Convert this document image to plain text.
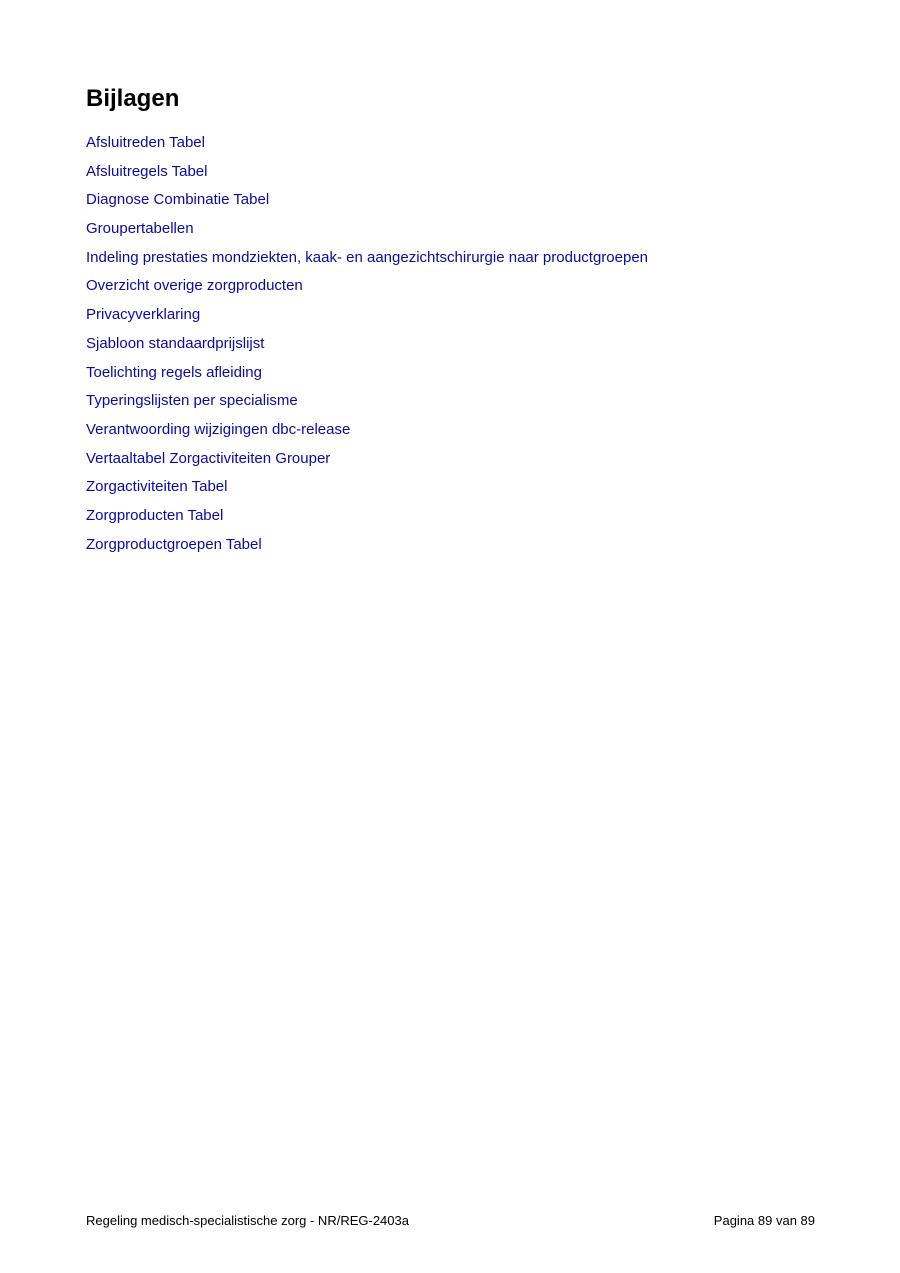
Bijlagen
Afsluitreden Tabel
Afsluitregels Tabel
Diagnose Combinatie Tabel
Groupertabellen
Indeling prestaties mondziekten, kaak- en aangezichtschirurgie naar productgroepen
Overzicht overige zorgproducten
Privacyverklaring
Sjabloon standaardprijslijst
Toelichting regels afleiding
Typeringslijsten per specialisme
Verantwoording wijzigingen dbc-release
Vertaaltabel Zorgactiviteiten Grouper
Zorgactiviteiten Tabel
Zorgproducten Tabel
Zorgproductgroepen Tabel
Regeling medisch-specialistische zorg - NR/REG-2403a	Pagina 89 van 89
